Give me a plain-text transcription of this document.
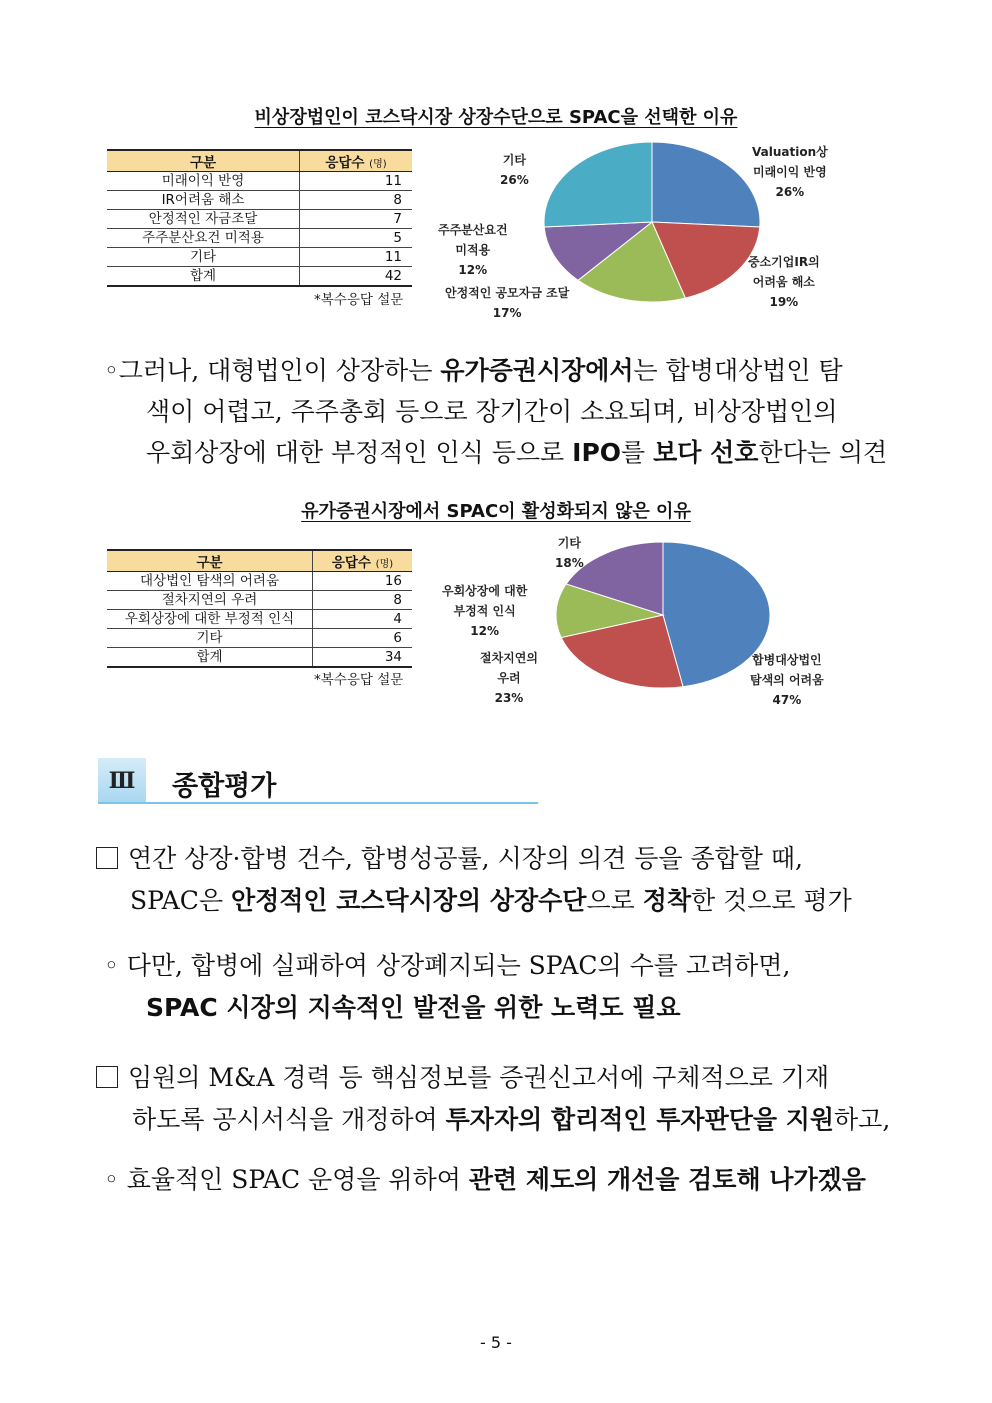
비상장법인이 코스닥시장 상장수단으로 SPAC을 선택한 이유
구분	응답수 (명)
미래이익 반영	11
IR어려움 해소	8
안정적인 자금조달	7
주주분산요건 미적용	5
기타	11
합계	42
*복수응답 설문
Valuation상
미래이익 반영
26%
중소기업IR의
어려움 해소
19%
안정적인 공모자금 조달
17%
주주분산요건
미적용
12%
기타
26%
◦그러나, 대형법인이 상장하는 유가증권시장에서는 합병대상법인 탐
색이 어렵고, 주주총회 등으로 장기간이 소요되며, 비상장법인의
우회상장에 대한 부정적인 인식 등으로 IPO를 보다 선호한다는 의견
유가증권시장에서 SPAC이 활성화되지 않은 이유
구분	응답수 (명)
대상법인 탐색의 어려움	16
절차지연의 우려	8
우회상장에 대한 부정적 인식	4
기타	6
합계	34
*복수응답 설문
합병대상법인
탐색의 어려움
47%
절차지연의
우려
23%
우회상장에 대한
부정적 인식
12%
기타
18%
Ⅲ	종합평가
연간 상장·합병 건수, 합병성공률, 시장의 의견 등을 종합할 때,
SPAC은 안정적인 코스닥시장의 상장수단으로 정착한 것으로 평가
◦ 다만, 합병에 실패하여 상장폐지되는 SPAC의 수를 고려하면,
SPAC 시장의 지속적인 발전을 위한 노력도 필요
임원의 M&A 경력 등 핵심정보를 증권신고서에 구체적으로 기재
하도록 공시서식을 개정하여 투자자의 합리적인 투자판단을 지원하고,
◦ 효율적인 SPAC 운영을 위하여 관련 제도의 개선을 검토해 나가겠음
- 5 -
